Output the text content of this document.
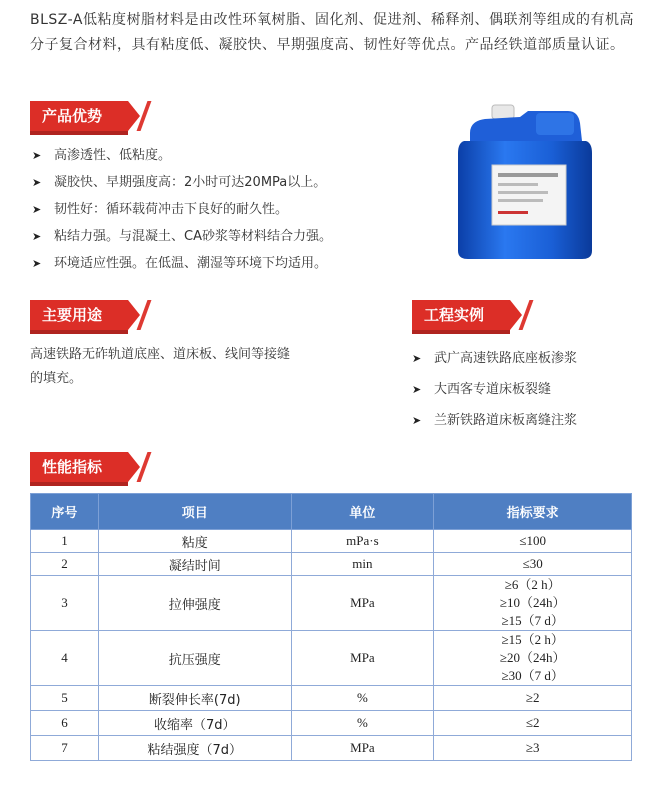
BLSZ-A低粘度树脂材料是由改性环氧树脂、固化剂、促进剂、稀释剂、偶联剂等组成的有机高分子复合材料，具有粘度低、凝胶快、早期强度高、韧性好等优点。产品经铁道部质量认证。
产品优势
➤ 高渗透性、低粘度。
➤ 凝胶快、早期强度高：2小时可达20MPa以上。
➤ 韧性好：循环载荷冲击下良好的耐久性。
➤ 粘结力强。与混凝土、CA砂浆等材料结合力强。
➤ 环境适应性强。在低温、潮湿等环境下均适用。
主要用途
高速铁路无砟轨道底座、道床板、线间等接缝的填充。
工程实例
➤ 武广高速铁路底座板渗浆
➤ 大西客专道床板裂缝
➤ 兰新铁路道床板离缝注浆
性能指标
序号	项目	单位	指标要求
1	粘度	mPa·s	≤100

2	凝结时间	min	≤30

3	拉伸强度	MPa	≥6（2 h）
≥10（24h）
≥15（7 d）

4	抗压强度	MPa	≥15（2 h）
≥20（24h）
≥30（7 d）

5	断裂伸长率(7d)	%	≥2

6	收缩率（7d）	%	≤2

7	粘结强度（7d）	MPa	≥3
